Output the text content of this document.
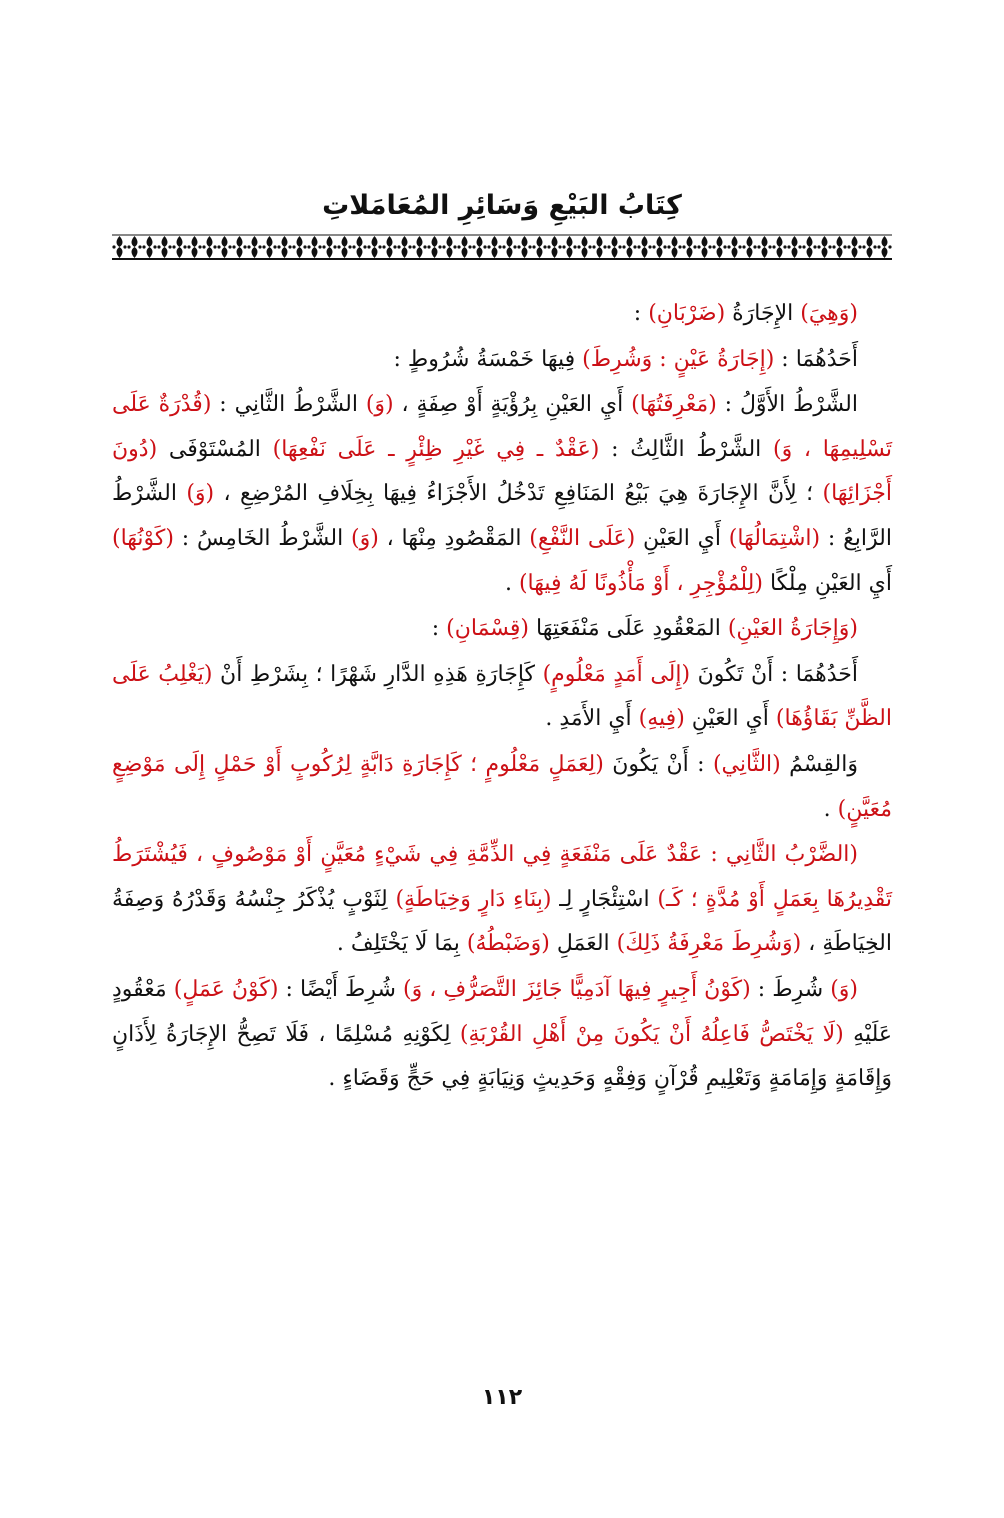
كِتَابُ البَيْعِ وَسَائِرِ المُعَامَلاتِ

(وَهِيَ) الإِجَارَةُ (ضَرْبَانِ) :

أَحَدُهُمَا : (إِجَارَةُ عَيْنٍ : وَشُرِطَ) فِيهَا خَمْسَةُ شُرُوطٍ :

الشَّرْطُ الأَوَّلُ : (مَعْرِفَتُهَا) أَيِ العَيْنِ بِرُؤْيَةٍ أَوْ صِفَةٍ ، (وَ) الشَّرْطُ الثَّانِي : (قُدْرَةٌ عَلَى تَسْلِيمِهَا ، وَ) الشَّرْطُ الثَّالِثُ : (عَقْدٌ ـ فِي غَيْرِ ظِئْرٍ ـ عَلَى نَفْعِهَا) المُسْتَوْفَى (دُونَ أَجْزَائِهَا) ؛ لِأَنَّ الإِجَارَةَ هِيَ بَيْعُ المَنَافِعِ تَدْخُلُ الأَجْزَاءُ فِيهَا بِخِلَافِ المُرْضِعِ ، (وَ) الشَّرْطُ الرَّابِعُ : (اشْتِمَالُهَا) أَيِ العَيْنِ (عَلَى النَّفْعِ) المَقْصُودِ مِنْهَا ، (وَ) الشَّرْطُ الخَامِسُ : (كَوْنُهَا) أَيِ العَيْنِ مِلْكًا (لِلْمُؤْجِرِ ، أَوْ مَأْذُونًا لَهُ فِيهَا) .

(وَإِجَارَةُ العَيْنِ) المَعْقُودِ عَلَى مَنْفَعَتِهَا (قِسْمَانِ) :

أَحَدُهُمَا : أَنْ تَكُونَ (إِلَى أَمَدٍ مَعْلُومٍ) كَإِجَارَةِ هَذِهِ الدَّارِ شَهْرًا ؛ بِشَرْطِ أَنْ (يَغْلِبُ عَلَى الظَّنِّ بَقَاؤُهَا) أَيِ العَيْنِ (فِيهِ) أَيِ الأَمَدِ .

وَالقِسْمُ (الثَّانِي) : أَنْ يَكُونَ (لِعَمَلٍ مَعْلُومٍ ؛ كَإِجَارَةِ دَابَّةٍ لِرُكُوبٍ أَوْ حَمْلٍ إِلَى مَوْضِعٍ مُعَيَّنٍ) .

(الضَّرْبُ الثَّانِي : عَقْدٌ عَلَى مَنْفَعَةٍ فِي الذِّمَّةِ فِي شَيْءٍ مُعَيَّنٍ أَوْ مَوْصُوفٍ ، فَيُشْتَرَطُ تَقْدِيرُهَا بِعَمَلٍ أَوْ مُدَّةٍ ؛ كَـ) اسْتِئْجَارٍ لِـ (بِنَاءِ دَارٍ وَخِيَاطَةٍ) لِثَوْبٍ يُذْكَرُ جِنْسُهُ وَقَدْرُهُ وَصِفَةُ الخِيَاطَةِ ، (وَشُرِطَ مَعْرِفَةُ ذَلِكَ) العَمَلِ (وَضَبْطُهُ) بِمَا لَا يَخْتَلِفُ .

(وَ) شُرِطَ : (كَوْنُ أَجِيرٍ فِيهَا آدَمِيًّا جَائِزَ التَّصَرُّفِ ، وَ) شُرِطَ أَيْضًا : (كَوْنُ عَمَلٍ) مَعْقُودٍ عَلَيْهِ (لَا يَخْتَصُّ فَاعِلُهُ أَنْ يَكُونَ مِنْ أَهْلِ القُرْبَةِ) لِكَوْنِهِ مُسْلِمًا ، فَلَا تَصِحُّ الإِجَارَةُ لِأَذَانٍ وَإِقَامَةٍ وَإِمَامَةٍ وَتَعْلِيمِ قُرْآنٍ وَفِقْهٍ وَحَدِيثٍ وَنِيَابَةٍ فِي حَجٍّ وَقَضَاءٍ .

١١٢
